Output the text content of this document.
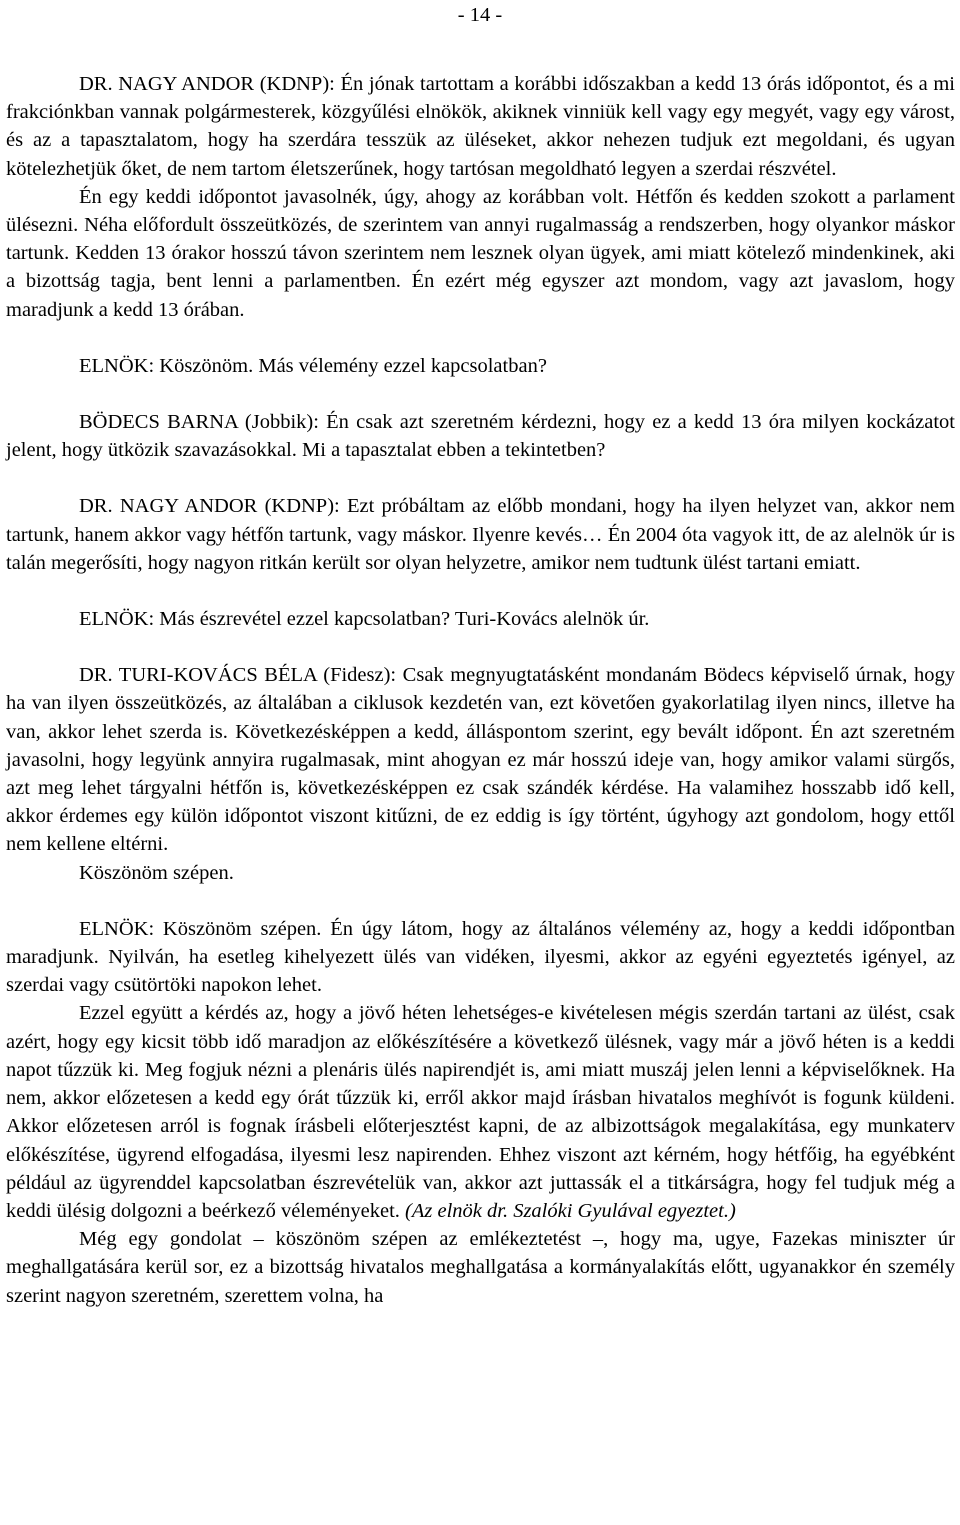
- 14 -

DR. NAGY ANDOR (KDNP): Én jónak tartottam a korábbi időszakban a kedd 13 órás időpontot, és a mi frakciónkban vannak polgármesterek, közgyűlési elnökök, akiknek vinniük kell vagy egy megyét, vagy egy várost, és az a tapasztalatom, hogy ha szerdára tesszük az üléseket, akkor nehezen tudjuk ezt megoldani, és ugyan kötelezhetjük őket, de nem tartom életszerűnek, hogy tartósan megoldható legyen a szerdai részvétel.

Én egy keddi időpontot javasolnék, úgy, ahogy az korábban volt. Hétfőn és kedden szokott a parlament ülésezni. Néha előfordult összeütközés, de szerintem van annyi rugalmasság a rendszerben, hogy olyankor máskor tartunk. Kedden 13 órakor hosszú távon szerintem nem lesznek olyan ügyek, ami miatt kötelező mindenkinek, aki a bizottság tagja, bent lenni a parlamentben. Én ezért még egyszer azt mondom, vagy azt javaslom, hogy maradjunk a kedd 13 órában.

ELNÖK: Köszönöm. Más vélemény ezzel kapcsolatban?

BÖDECS BARNA (Jobbik): Én csak azt szeretném kérdezni, hogy ez a kedd 13 óra milyen kockázatot jelent, hogy ütközik szavazásokkal. Mi a tapasztalat ebben a tekintetben?

DR. NAGY ANDOR (KDNP): Ezt próbáltam az előbb mondani, hogy ha ilyen helyzet van, akkor nem tartunk, hanem akkor vagy hétfőn tartunk, vagy máskor. Ilyenre kevés… Én 2004 óta vagyok itt, de az alelnök úr is talán megerősíti, hogy nagyon ritkán került sor olyan helyzetre, amikor nem tudtunk ülést tartani emiatt.

ELNÖK: Más észrevétel ezzel kapcsolatban? Turi-Kovács alelnök úr.

DR. TURI-KOVÁCS BÉLA (Fidesz): Csak megnyugtatásként mondanám Bödecs képviselő úrnak, hogy ha van ilyen összeütközés, az általában a ciklusok kezdetén van, ezt követően gyakorlatilag ilyen nincs, illetve ha van, akkor lehet szerda is. Következésképpen a kedd, álláspontom szerint, egy bevált időpont. Én azt szeretném javasolni, hogy legyünk annyira rugalmasak, mint ahogyan ez már hosszú ideje van, hogy amikor valami sürgős, azt meg lehet tárgyalni hétfőn is, következésképpen ez csak szándék kérdése. Ha valamihez hosszabb idő kell, akkor érdemes egy külön időpontot viszont kitűzni, de ez eddig is így történt, úgyhogy azt gondolom, hogy ettől nem kellene eltérni.

Köszönöm szépen.

ELNÖK: Köszönöm szépen. Én úgy látom, hogy az általános vélemény az, hogy a keddi időpontban maradjunk. Nyilván, ha esetleg kihelyezett ülés van vidéken, ilyesmi, akkor az egyéni egyeztetés igényel, az szerdai vagy csütörtöki napokon lehet.

Ezzel együtt a kérdés az, hogy a jövő héten lehetséges-e kivételesen mégis szerdán tartani az ülést, csak azért, hogy egy kicsit több idő maradjon az előkészítésére a következő ülésnek, vagy már a jövő héten is a keddi napot tűzzük ki. Meg fogjuk nézni a plenáris ülés napirendjét is, ami miatt muszáj jelen lenni a képviselőknek. Ha nem, akkor előzetesen a kedd egy órát tűzzük ki, erről akkor majd írásban hivatalos meghívót is fogunk küldeni. Akkor előzetesen arról is fognak írásbeli előterjesztést kapni, de az albizottságok megalakítása, egy munkaterv előkészítése, ügyrend elfogadása, ilyesmi lesz napirenden. Ehhez viszont azt kérném, hogy hétfőig, ha egyébként például az ügyrenddel kapcsolatban észrevételük van, akkor azt juttassák el a titkárságra, hogy fel tudjuk még a keddi ülésig dolgozni a beérkező véleményeket. (Az elnök dr. Szalóki Gyulával egyeztet.)

Még egy gondolat – köszönöm szépen az emlékeztetést –, hogy ma, ugye, Fazekas miniszter úr meghallgatására kerül sor, ez a bizottság hivatalos meghallgatása a kormányalakítás előtt, ugyanakkor én személy szerint nagyon szeretném, szerettem volna, ha
